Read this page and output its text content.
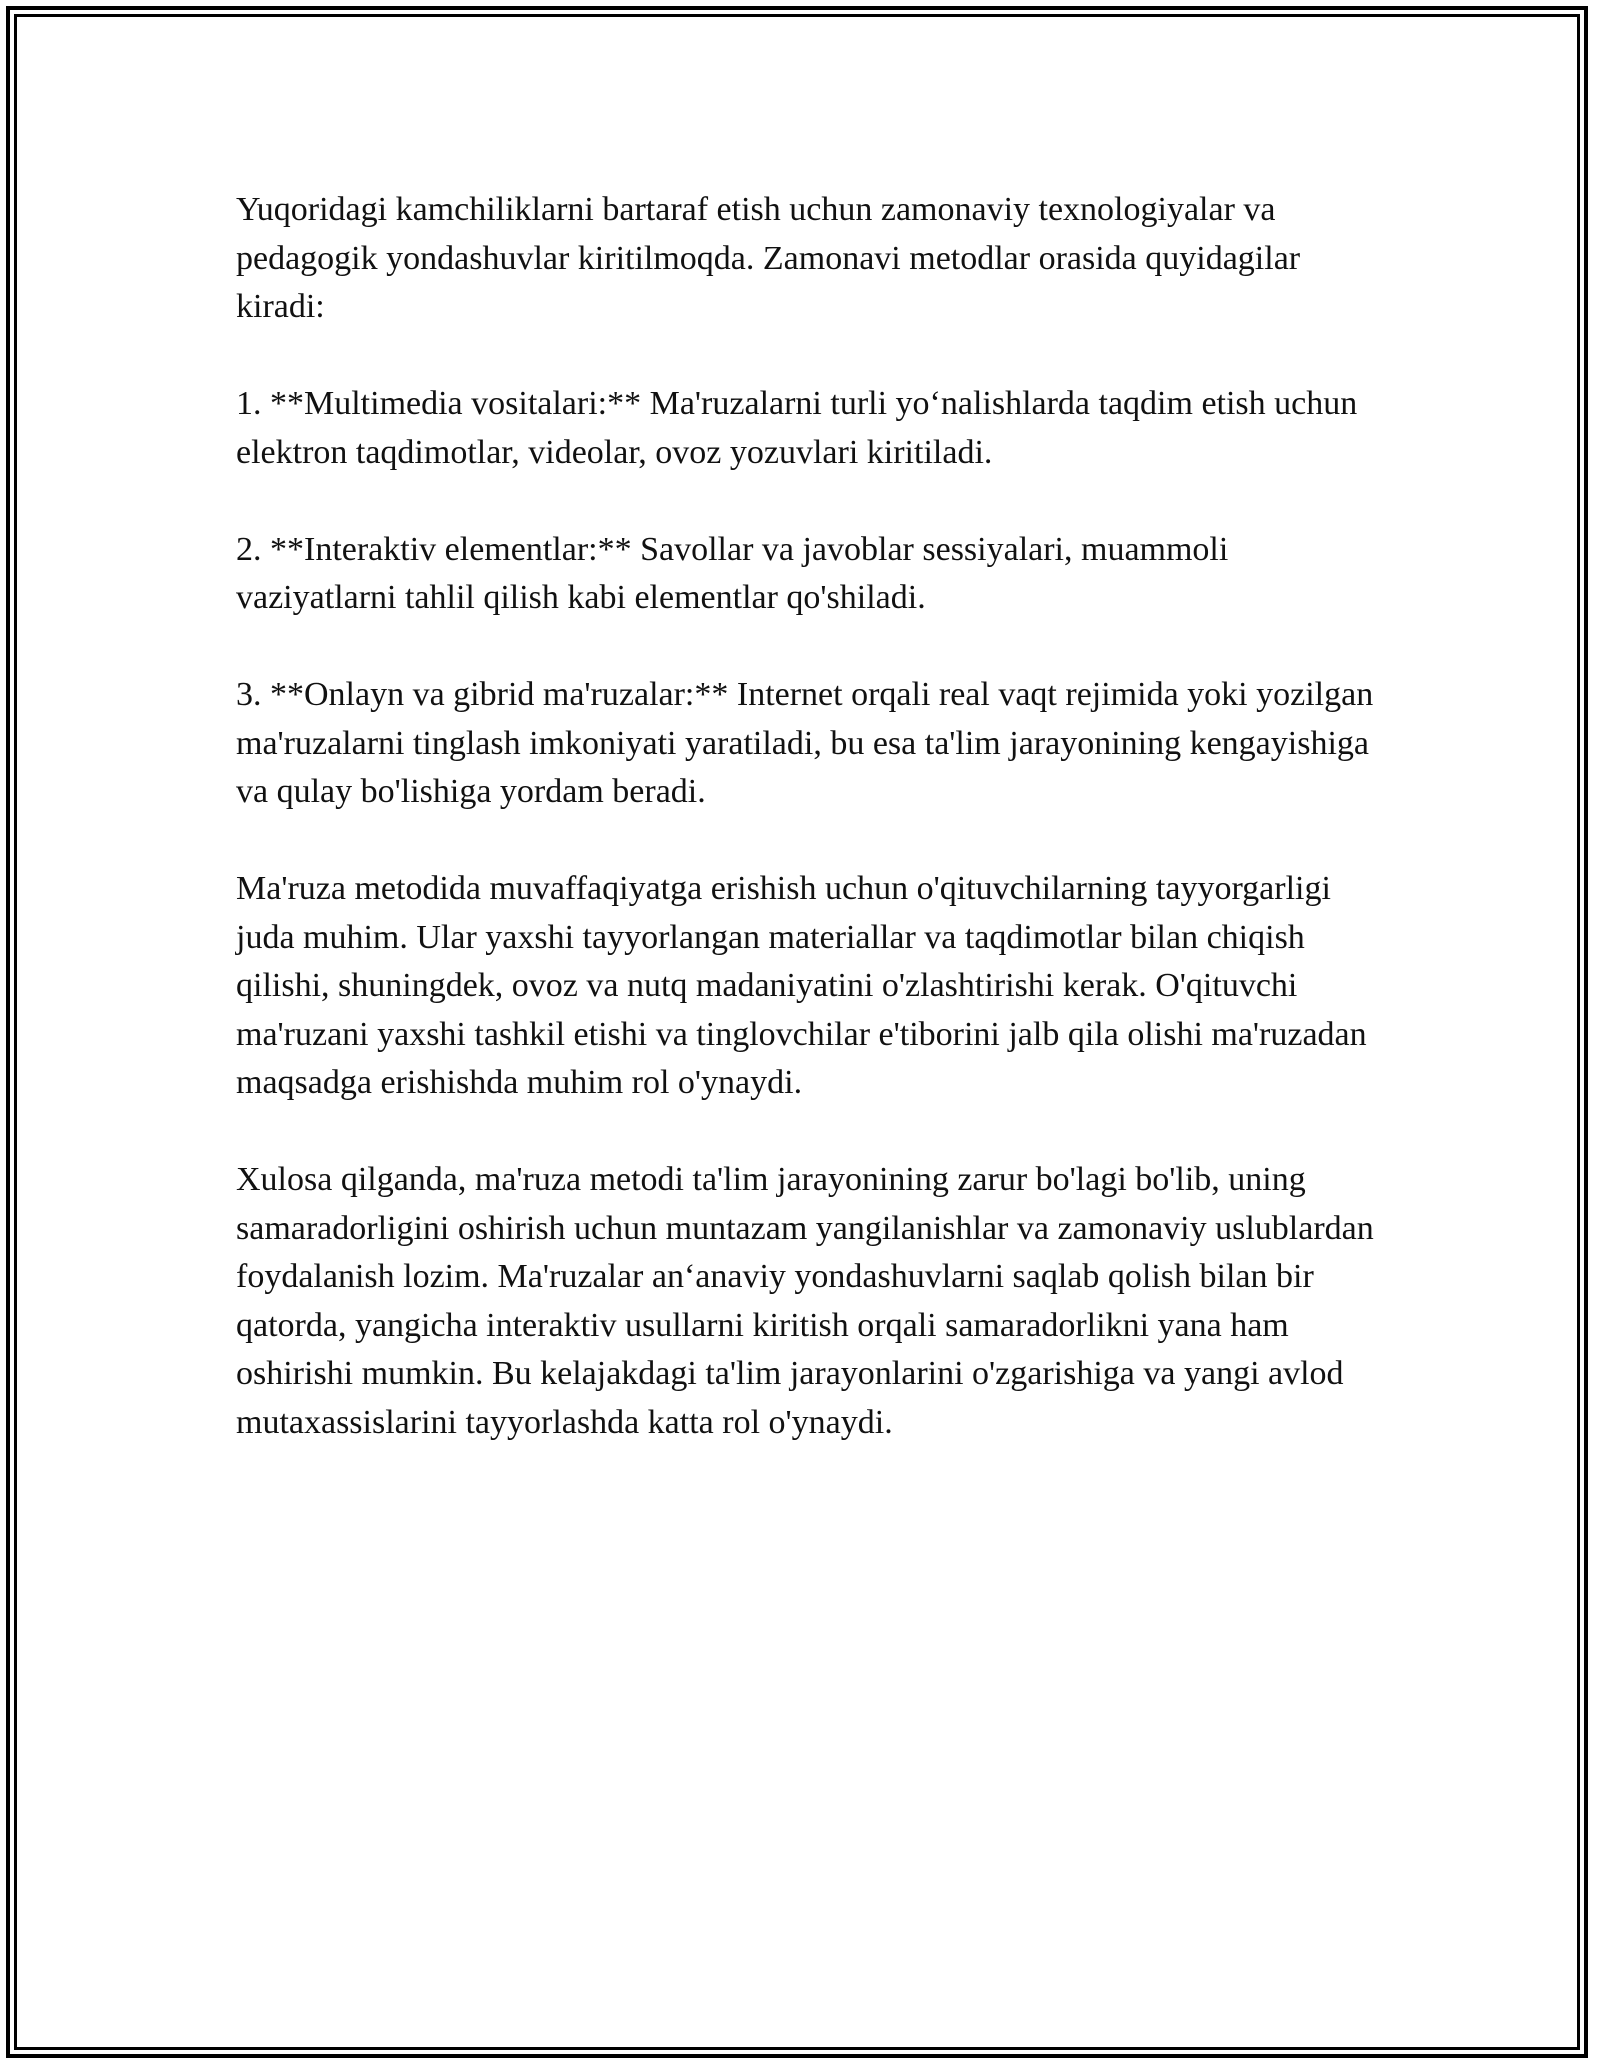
Yuqoridagi kamchiliklarni bartaraf etish uchun zamonaviy texnologiyalar va pedagogik yondashuvlar kiritilmoqda. Zamonavi metodlar orasida quyidagilar kiradi:

1. **Multimedia vositalari:** Ma'ruzalarni turli yo‘nalishlarda taqdim etish uchun elektron taqdimotlar, videolar, ovoz yozuvlari kiritiladi.

2. **Interaktiv elementlar:** Savollar va javoblar sessiyalari, muammoli vaziyatlarni tahlil qilish kabi elementlar qo'shiladi.

3. **Onlayn va gibrid ma'ruzalar:** Internet orqali real vaqt rejimida yoki yozilgan ma'ruzalarni tinglash imkoniyati yaratiladi, bu esa ta'lim jarayonining kengayishiga va qulay bo'lishiga yordam beradi.

Ma'ruza metodida muvaffaqiyatga erishish uchun o'qituvchilarning tayyorgarligi juda muhim. Ular yaxshi tayyorlangan materiallar va taqdimotlar bilan chiqish qilishi, shuningdek, ovoz va nutq madaniyatini o'zlashtirishi kerak. O'qituvchi ma'ruzani yaxshi tashkil etishi va tinglovchilar e'tiborini jalb qila olishi ma'ruzadan maqsadga erishishda muhim rol o'ynaydi.

Xulosa qilganda, ma'ruza metodi ta'lim jarayonining zarur bo'lagi bo'lib, uning samaradorligini oshirish uchun muntazam yangilanishlar va zamonaviy uslublardan foydalanish lozim. Ma'ruzalar an‘anaviy yondashuvlarni saqlab qolish bilan bir qatorda, yangicha interaktiv usullarni kiritish orqali samaradorlikni yana ham oshirishi mumkin. Bu kelajakdagi ta'lim jarayonlarini o'zgarishiga va yangi avlod mutaxassislarini tayyorlashda katta rol o'ynaydi.
